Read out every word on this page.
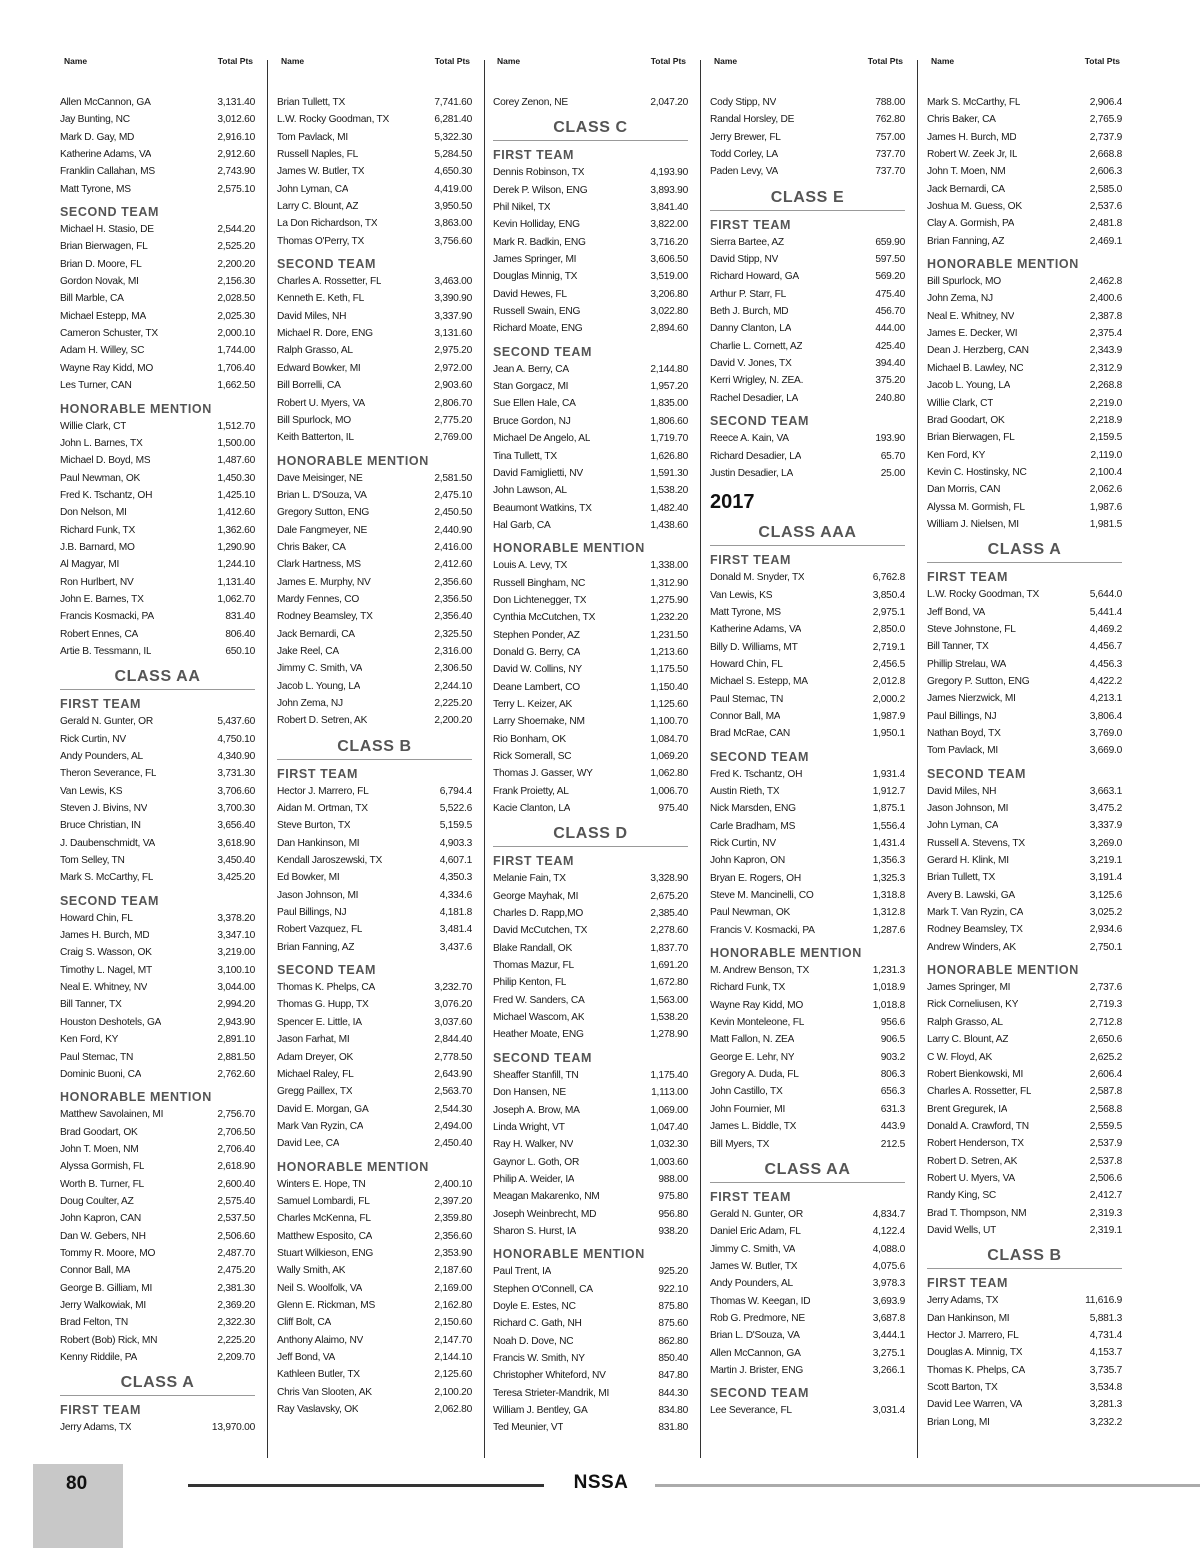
Name	Total Pts
Allen McCannon, GA	3,131.40
Jay Bunting, NC	3,012.60
Mark D. Gay, MD	2,916.10
Katherine Adams, VA	2,912.60
Franklin Callahan, MS	2,743.90
Matt Tyrone, MS	2,575.10
SECOND TEAM
Michael H. Stasio, DE	2,544.20
Brian Bierwagen, FL	2,525.20
Brian D. Moore, FL	2,200.20
Gordon Novak, MI	2,156.30
Bill Marble, CA	2,028.50
Michael Estepp, MA	2,025.30
Cameron Schuster, TX	2,000.10
Adam H. Willey, SC	1,744.00
Wayne Ray Kidd, MO	1,706.40
Les Turner, CAN	1,662.50
HONORABLE MENTION
Willie Clark, CT	1,512.70
John L. Barnes, TX	1,500.00
Michael D. Boyd, MS	1,487.60
Paul Newman, OK	1,450.30
Fred K. Tschantz, OH	1,425.10
Don Nelson, MI	1,412.60
Richard Funk, TX	1,362.60
J.B. Barnard, MO	1,290.90
Al Magyar, MI	1,244.10
Ron Hurlbert, NV	1,131.40
John E. Barnes, TX	1,062.70
Francis Kosmacki, PA	831.40
Robert Ennes, CA	806.40
Artie B. Tessmann, IL	650.10
CLASS AA
FIRST TEAM
Gerald N. Gunter, OR	5,437.60
Rick Curtin, NV	4,750.10
Andy Pounders, AL	4,340.90
Theron Severance, FL	3,731.30
Van Lewis, KS	3,706.60
Steven J. Bivins, NV	3,700.30
Bruce Christian, IN	3,656.40
J. Daubenschmidt, VA	3,618.90
Tom Selley, TN	3,450.40
Mark S. McCarthy, FL	3,425.20
SECOND TEAM
Howard Chin, FL	3,378.20
James H. Burch, MD	3,347.10
Craig S. Wasson, OK	3,219.00
Timothy L. Nagel, MT	3,100.10
Neal E. Whitney, NV	3,044.00
Bill Tanner, TX	2,994.20
Houston Deshotels, GA	2,943.90
Ken Ford, KY	2,891.10
Paul Stemac, TN	2,881.50
Dominic Buoni, CA	2,762.60
HONORABLE MENTION
Matthew Savolainen, MI	2,756.70
Brad Goodart, OK	2,706.50
John T. Moen, NM	2,706.40
Alyssa Gormish, FL	2,618.90
Worth B. Turner, FL	2,600.40
Doug Coulter, AZ	2,575.40
John Kapron, CAN	2,537.50
Dan W. Gebers, NH	2,506.60
Tommy R. Moore, MO	2,487.70
Connor Ball, MA	2,475.20
George B. Gilliam, MI	2,381.30
Jerry Walkowiak, MI	2,369.20
Brad Felton, TN	2,322.30
Robert (Bob) Rick, MN	2,225.20
Kenny Riddile, PA	2,209.70
CLASS A
FIRST TEAM
Jerry Adams, TX	13,970.00
Name	Total Pts
Brian Tullett, TX	7,741.60
L.W. Rocky Goodman, TX	6,281.40
Tom Pavlack, MI	5,322.30
Russell Naples, FL	5,284.50
James W. Butler, TX	4,650.30
John Lyman, CA	4,419.00
Larry C. Blount, AZ	3,950.50
La Don Richardson, TX	3,863.00
Thomas O'Perry, TX	3,756.60
SECOND TEAM
Charles A. Rossetter, FL	3,463.00
Kenneth E. Keth, FL	3,390.90
David Miles, NH	3,337.90
Michael R. Dore, ENG	3,131.60
Ralph Grasso, AL	2,975.20
Edward Bowker, MI	2,972.00
Bill Borrelli, CA	2,903.60
Robert U. Myers, VA	2,806.70
Bill Spurlock, MO	2,775.20
Keith Batterton, IL	2,769.00
HONORABLE MENTION
Dave Meisinger, NE	2,581.50
Brian L. D'Souza, VA	2,475.10
Gregory Sutton, ENG	2,450.50
Dale Fangmeyer, NE	2,440.90
Chris Baker, CA	2,416.00
Clark Hartness, MS	2,412.60
James E. Murphy, NV	2,356.60
Mardy Fennes, CO	2,356.50
Rodney Beamsley, TX	2,356.40
Jack Bernardi, CA	2,325.50
Jake Reel, CA	2,316.00
Jimmy C. Smith, VA	2,306.50
Jacob L. Young, LA	2,244.10
John Zema, NJ	2,225.20
Robert D. Setren, AK	2,200.20
CLASS B
FIRST TEAM
Hector J. Marrero, FL	6,794.4
Aidan M. Ortman, TX	5,522.6
Steve Burton, TX	5,159.5
Dan Hankinson, MI	4,903.3
Kendall Jaroszewski, TX	4,607.1
Ed Bowker, MI	4,350.3
Jason Johnson, MI	4,334.6
Paul Billings, NJ	4,181.8
Robert Vazquez, FL	3,481.4
Brian Fanning, AZ	3,437.6
SECOND TEAM
Thomas K. Phelps, CA	3,232.70
Thomas G. Hupp, TX	3,076.20
Spencer E. Little, IA	3,037.60
Jason Farhat, MI	2,844.40
Adam Dreyer, OK	2,778.50
Michael Raley, FL	2,643.90
Gregg Paillex, TX	2,563.70
David E. Morgan, GA	2,544.30
Mark Van Ryzin, CA	2,494.00
David Lee, CA	2,450.40
HONORABLE MENTION
Winters E. Hope, TN	2,400.10
Samuel Lombardi, FL	2,397.20
Charles McKenna, FL	2,359.80
Matthew Esposito, CA	2,356.60
Stuart Wilkieson, ENG	2,353.90
Wally Smith, AK	2,187.60
Neil S. Woolfolk, VA	2,169.00
Glenn E. Rickman, MS	2,162.80
Cliff Bolt, CA	2,150.60
Anthony Alaimo, NV	2,147.70
Jeff Bond, VA	2,144.10
Kathleen Butler, TX	2,125.60
Chris Van Slooten, AK	2,100.20
Ray Vaslavsky, OK	2,062.80
Name	Total Pts
Corey Zenon, NE	2,047.20
CLASS C
FIRST TEAM
Dennis Robinson, TX	4,193.90
Derek P. Wilson, ENG	3,893.90
Phil Nikel, TX	3,841.40
Kevin Holliday, ENG	3,822.00
Mark R. Badkin, ENG	3,716.20
James Springer, MI	3,606.50
Douglas Minnig, TX	3,519.00
David Hewes, FL	3,206.80
Russell Swain, ENG	3,022.80
Richard Moate, ENG	2,894.60
SECOND TEAM
Jean A. Berry, CA	2,144.80
Stan Gorgacz, MI	1,957.20
Sue Ellen Hale, CA	1,835.00
Bruce Gordon, NJ	1,806.60
Michael De Angelo, AL	1,719.70
Tina Tullett, TX	1,626.80
David Famiglietti, NV	1,591.30
John Lawson, AL	1,538.20
Beaumont Watkins, TX	1,482.40
Hal Garb, CA	1,438.60
HONORABLE MENTION
Louis A. Levy, TX	1,338.00
Russell Bingham, NC	1,312.90
Don Lichtenegger, TX	1,275.90
Cynthia McCutchen, TX	1,232.20
Stephen Ponder, AZ	1,231.50
Donald G. Berry, CA	1,213.60
David W. Collins, NY	1,175.50
Deane Lambert, CO	1,150.40
Terry L. Keizer, AK	1,125.60
Larry Shoemake, NM	1,100.70
Rio Bonham, OK	1,084.70
Rick Somerall, SC	1,069.20
Thomas J. Gasser, WY	1,062.80
Frank Proietty, AL	1,006.70
Kacie Clanton, LA	975.40
CLASS D
FIRST TEAM
Melanie Fain, TX	3,328.90
George Mayhak, MI	2,675.20
Charles D. Rapp,MO	2,385.40
David McCutchen, TX	2,278.60
Blake Randall, OK	1,837.70
Thomas Mazur, FL	1,691.20
Philip Kenton, FL	1,672.80
Fred W. Sanders, CA	1,563.00
Michael Wascom, AK	1,538.20
Heather Moate, ENG	1,278.90
SECOND TEAM
Sheaffer Stanfill, TN	1,175.40
Don Hansen, NE	1,113.00
Joseph A. Brow, MA	1,069.00
Linda Wright, VT	1,047.40
Ray H. Walker, NV	1,032.30
Gaynor L. Goth, OR	1,003.60
Philip A. Weider, IA	988.00
Meagan Makarenko, NM	975.80
Joseph Weinbrecht, MD	956.80
Sharon S. Hurst, IA	938.20
HONORABLE MENTION
Paul Trent, IA	925.20
Stephen O'Connell, CA	922.10
Doyle E. Estes, NC	875.80
Richard C. Gath, NH	875.60
Noah D. Dove, NC	862.80
Francis W. Smith, NY	850.40
Christopher Whiteford, NV	847.80
Teresa Strieter-Mandrik, MI	844.30
William J. Bentley, GA	834.80
Ted Meunier, VT	831.80
Name	Total Pts
Cody Stipp, NV	788.00
Randal Horsley, DE	762.80
Jerry Brewer, FL	757.00
Todd Corley, LA	737.70
Paden Levy, VA	737.70
CLASS E
FIRST TEAM
Sierra Bartee, AZ	659.90
David Stipp, NV	597.50
Richard Howard, GA	569.20
Arthur P. Starr, FL	475.40
Beth J. Burch, MD	456.70
Danny Clanton, LA	444.00
Charlie L. Cornett, AZ	425.40
David V. Jones, TX	394.40
Kerri Wrigley, N. ZEA.	375.20
Rachel Desadier, LA	240.80
SECOND TEAM
Reece A. Kain, VA	193.90
Richard Desadier, LA	65.70
Justin Desadier, LA	25.00
2017
CLASS AAA
FIRST TEAM
Donald M. Snyder, TX	6,762.8
Van Lewis, KS	3,850.4
Matt Tyrone, MS	2,975.1
Katherine Adams, VA	2,850.0
Billy D. Williams, MT	2,719.1
Howard Chin, FL	2,456.5
Michael S. Estepp, MA	2,012.8
Paul Stemac, TN	2,000.2
Connor Ball, MA	1,987.9
Brad McRae, CAN	1,950.1
SECOND TEAM
Fred K. Tschantz, OH	1,931.4
Austin Rieth, TX	1,912.7
Nick Marsden, ENG	1,875.1
Carle Bradham, MS	1,556.4
Rick Curtin, NV	1,431.4
John Kapron, ON	1,356.3
Bryan E. Rogers, OH	1,325.3
Steve M. Mancinelli, CO	1,318.8
Paul Newman, OK	1,312.8
Francis V. Kosmacki, PA	1,287.6
HONORABLE MENTION
M. Andrew Benson, TX	1,231.3
Richard Funk, TX	1,018.9
Wayne Ray Kidd, MO	1,018.8
Kevin Monteleone, FL	956.6
Matt Fallon, N. ZEA	906.5
George E. Lehr, NY	903.2
Gregory A. Duda, FL	806.3
John Castillo, TX	656.3
John Fournier, MI	631.3
James L. Biddle, TX	443.9
Bill Myers, TX	212.5
CLASS AA
FIRST TEAM
Gerald N. Gunter, OR	4,834.7
Daniel Eric Adam, FL	4,122.4
Jimmy C. Smith, VA	4,088.0
James W. Butler, TX	4,075.6
Andy Pounders, AL	3,978.3
Thomas W. Keegan, ID	3,693.9
Rob G. Predmore, NE	3,687.8
Brian L. D'Souza, VA	3,444.1
Allen McCannon, GA	3,275.1
Martin J. Brister, ENG	3,266.1
SECOND TEAM
Lee Severance, FL	3,031.4
Name	Total Pts
Mark S. McCarthy, FL	2,906.4
Chris Baker, CA	2,765.9
James H. Burch, MD	2,737.9
Robert W. Zeek Jr, IL	2,668.8
John T. Moen, NM	2,606.3
Jack Bernardi, CA	2,585.0
Joshua M. Guess, OK	2,537.6
Clay A. Gormish, PA	2,481.8
Brian Fanning, AZ	2,469.1
HONORABLE MENTION
Bill Spurlock, MO	2,462.8
John Zema, NJ	2,400.6
Neal E. Whitney, NV	2,387.8
James E. Decker, WI	2,375.4
Dean J. Herzberg, CAN	2,343.9
Michael B. Lawley, NC	2,312.9
Jacob L. Young, LA	2,268.8
Willie Clark, CT	2,219.0
Brad Goodart, OK	2,218.9
Brian Bierwagen, FL	2,159.5
Ken Ford, KY	2,119.0
Kevin C. Hostinsky, NC	2,100.4
Dan Morris, CAN	2,062.6
Alyssa M. Gormish, FL	1,987.6
William J. Nielsen, MI	1,981.5
CLASS A
FIRST TEAM
L.W. Rocky Goodman, TX	5,644.0
Jeff Bond, VA	5,441.4
Steve Johnstone, FL	4,469.2
Bill Tanner, TX	4,456.7
Phillip Strelau, WA	4,456.3
Gregory P. Sutton, ENG	4,422.2
James Nierzwick, MI	4,213.1
Paul Billings, NJ	3,806.4
Nathan Boyd, TX	3,769.0
Tom Pavlack, MI	3,669.0
SECOND TEAM
David Miles, NH	3,663.1
Jason Johnson, MI	3,475.2
John Lyman, CA	3,337.9
Russell A. Stevens, TX	3,269.0
Gerard H. Klink, MI	3,219.1
Brian Tullett, TX	3,191.4
Avery B. Lawski, GA	3,125.6
Mark T. Van Ryzin, CA	3,025.2
Rodney Beamsley, TX	2,934.6
Andrew Winders, AK	2,750.1
HONORABLE MENTION
James Springer, MI	2,737.6
Rick Corneliusen, KY	2,719.3
Ralph Grasso, AL	2,712.8
Larry C. Blount, AZ	2,650.6
C W. Floyd, AK	2,625.2
Robert Bienkowski, MI	2,606.4
Charles A. Rossetter, FL	2,587.8
Brent Gregurek, IA	2,568.8
Donald A. Crawford, TN	2,559.5
Robert Henderson, TX	2,537.9
Robert D. Setren, AK	2,537.8
Robert U. Myers, VA	2,506.6
Randy King, SC	2,412.7
Brad T. Thompson, NM	2,319.3
David Wells, UT	2,319.1
CLASS B
FIRST TEAM
Jerry Adams, TX	11,616.9
Dan Hankinson, MI	5,881.3
Hector J. Marrero, FL	4,731.4
Douglas A. Minnig, TX	4,153.7
Thomas K. Phelps, CA	3,735.7
Scott Barton, TX	3,534.8
David Lee Warren, VA	3,281.3
Brian Long, MI	3,232.2
80	NSSA
